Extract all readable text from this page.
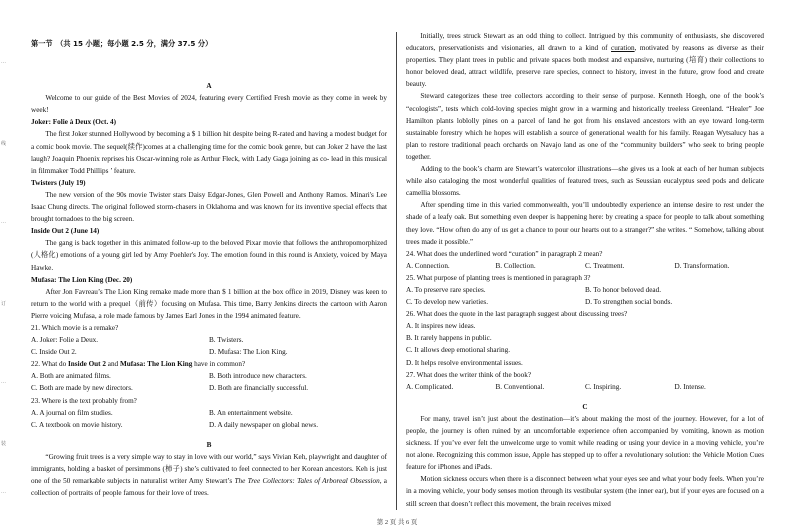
…
线
…
订
…
装
…

第一节　（共 15 小题；每小题 2.5 分，满分 37.5 分）

A

Welcome to our guide of the Best Movies of 2024, featuring every Certified Fresh movie as they come in week by week!

Joker: Folie à Deux (Oct. 4)

The first Joker stunned Hollywood by becoming a $ 1 billion hit despite being R-rated and having a modest budget for a comic book movie. The sequel(续作)comes at a challenging time for the comic book genre, but can Joker 2 have the last laugh? Joaquin Phoenix reprises his Oscar-winning role as Arthur Fleck, with Lady Gaga joining as co- lead in this musical in filmmaker Todd Phillips ’ feature.

Twisters (July 19)

The new version of the 90s movie Twister stars Daisy Edgar-Jones, Glen Powell and Anthony Ramos. Minari's Lee Isaac Chung directs. The original followed storm-chasers in Oklahoma and was known for its inventive special effects that brought tornadoes to the big screen.

Inside Out 2 (June 14)

The gang is back together in this animated follow-up to the beloved Pixar movie that follows the anthropomorphized (人格化) emotions of a young girl led by Amy Poehler's Joy. The emotion found in this round is Anxiety, voiced by Maya Hawke.

Mufasa: The Lion King (Dec. 20)

After Jon Favreau’s The Lion King remake made more than $ 1 billion at the box office in 2019, Disney was keen to return to the world with a prequel（前传）focusing on Mufasa. This time, Barry Jenkins directs the cartoon with Aaron Pierre voicing Mufasa, a role made famous by James Earl Jones in the 1994 animated feature.

21. Which movie is a remake?

A. Joker: Folie a Deux.	B. Twisters.
C. Inside Out 2.	D. Mufasa: The Lion King.

22. What do Inside Out 2 and Mufasa: The Lion King have in common?

A. Both are animated films.	B. Both introduce new characters.
C. Both are made by new directors.	D. Both are financially successful.

23. Where is the text probably from?

A. A journal on film studies.	B. An entertainment website.
C. A textbook on movie history.	D. A daily newspaper on global news.

B

“Growing fruit trees is a very simple way to stay in love with our world,” says Vivian Keh, playwright and daughter of immigrants, holding a basket of persimmons (柿子) she’s cultivated to feel connected to her Korean ancestors. Keh is just one of the 50 remarkable subjects in naturalist writer Amy Stewart’s The Tree Collectors: Tales of Arboreal Obsession, a collection of portraits of people famous for their love of trees.

Initially, trees struck Stewart as an odd thing to collect. Intrigued by this community of enthusiasts, she discovered educators, preservationists and visionaries, all drawn to a kind of curation, motivated by reasons as diverse as their properties. They plant trees in public and private spaces both modest and expansive, nurturing (培育) their collections to honor beloved dead, attract wildlife, preserve rare species, connect to history, invest in the future, grow food and create beauty.

Steward categorizes these tree collectors according to their sense of purpose. Kenneth Hoegh, one of the book’s “ecologists”, tests which cold-loving species might grow in a warming and historically treeless Greenland. “Healer” Joe Hamilton plants loblolly pines on a parcel of land he got from his enslaved ancestors with an eye toward long-term sustainable forestry which he hopes will establish a source of generational wealth for his family. Reagan Wytsalucy has a plan to restore traditional peach orchards on Navajo land as one of the “community builders” who seek to bring people together.

Adding to the book’s charm are Stewart’s watercolor illustrations—she gives us a look at each of her human subjects while also cataloging the most wonderful qualities of featured trees, such as Seussian eucalyptus seed pods and delicate camellia blossoms.

After spending time in this varied commonwealth, you’ll undoubtedly experience an intense desire to rest under the shade of a leafy oak. But something even deeper is happening here: by creating a space for people to talk about something they love. “How often do any of us get a chance to pour our hearts out to a stranger?” she writes. “ Somehow, talking about trees made it possible.”

24. What does the underlined word “curation” in paragraph 2 mean?

A. Connection.	B. Collection.	C. Treatment.	D. Transformation.

25. What purpose of planting trees is mentioned in paragraph 3?

A. To preserve rare species.	B. To honor beloved dead.
C. To develop new varieties.	D. To strengthen social bonds.

26. What does the quote in the last paragraph suggest about discussing trees?

A. It inspires new ideas.

B. It rarely happens in public.

C. It allows deep emotional sharing.

D. It helps resolve environmental issues.

27. What does the writer think of the book?

A. Complicated.	B. Conventional.	C. Inspiring.	D. Intense.

C

For many, travel isn’t just about the destination—it’s about making the most of the journey. However, for a lot of people, the journey is often ruined by an uncomfortable experience often accompanied by vomiting, known as motion sickness. If you’ve ever felt the unwelcome urge to vomit while reading or using your device in a moving vehicle, you’re not alone. Recognizing this common issue, Apple has stepped up to offer a revolutionary solution: the Vehicle Motion Cues feature for iPhones and iPads.

Motion sickness occurs when there is a disconnect between what your eyes see and what your body feels. When you’re in a moving vehicle, your body senses motion through its vestibular system (the inner ear), but if your eyes are focused on a still screen that doesn’t reflect this movement, the brain receives mixed

第 2 页 共 6 页
